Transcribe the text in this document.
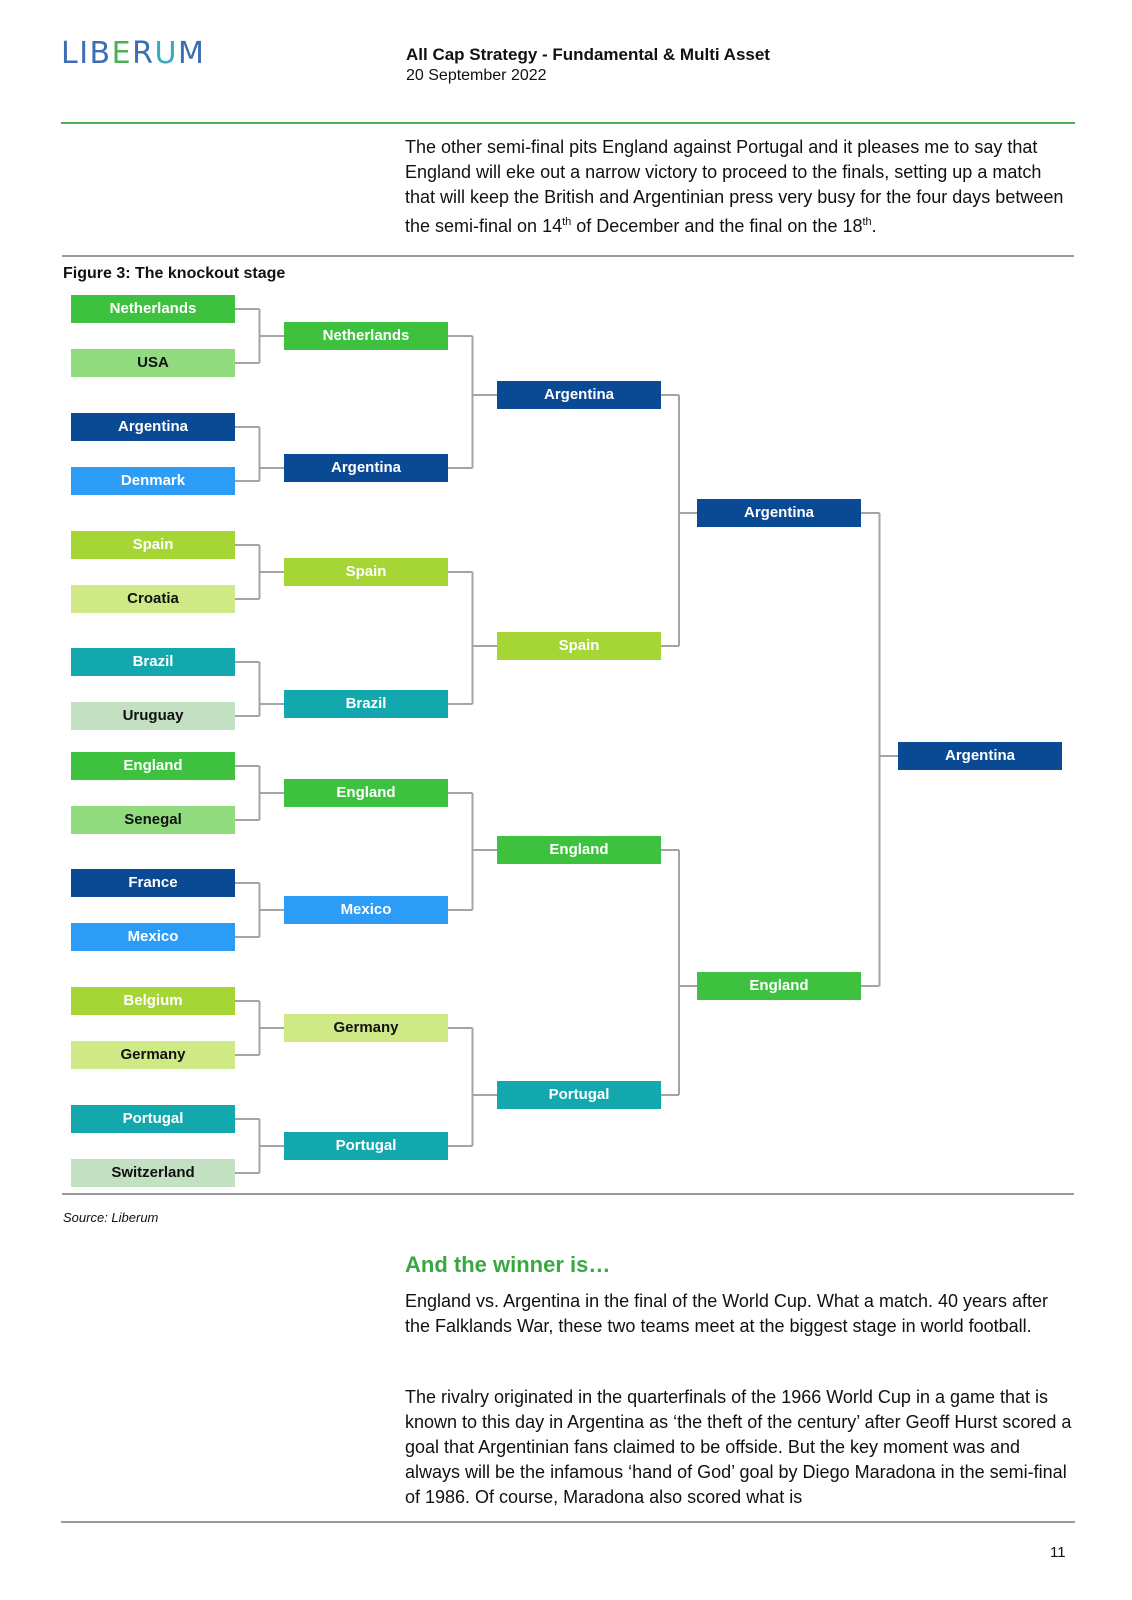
LIBERUM	All Cap Strategy - Fundamental & Multi Asset
20 September 2022

The other semi-final pits England against Portugal and it pleases me to say that England will eke out a narrow victory to proceed to the finals, setting up a match that will keep the British and Argentinian press very busy for the four days between the semi-final on 14th of December and the final on the 18th.

Figure 3: The knockout stage
Netherlands
USA
Argentina
Denmark
Spain
Croatia
Brazil
Uruguay
England
Senegal
France
Mexico
Belgium
Germany
Portugal
Switzerland
Netherlands
Argentina
Spain
Brazil
England
Mexico
Germany
Portugal
Argentina
Spain
England
Portugal
Argentina
England
Argentina
Source: Liberum
And the winner is…

England vs. Argentina in the final of the World Cup. What a match. 40 years after the Falklands War, these two teams meet at the biggest stage in world football.

The rivalry originated in the quarterfinals of the 1966 World Cup in a game that is known to this day in Argentina as ‘the theft of the century’ after Geoff Hurst scored a goal that Argentinian fans claimed to be offside. But the key moment was and always will be the infamous ‘hand of God’ goal by Diego Maradona in the semi-final of 1986. Of course, Maradona also scored what is

11
